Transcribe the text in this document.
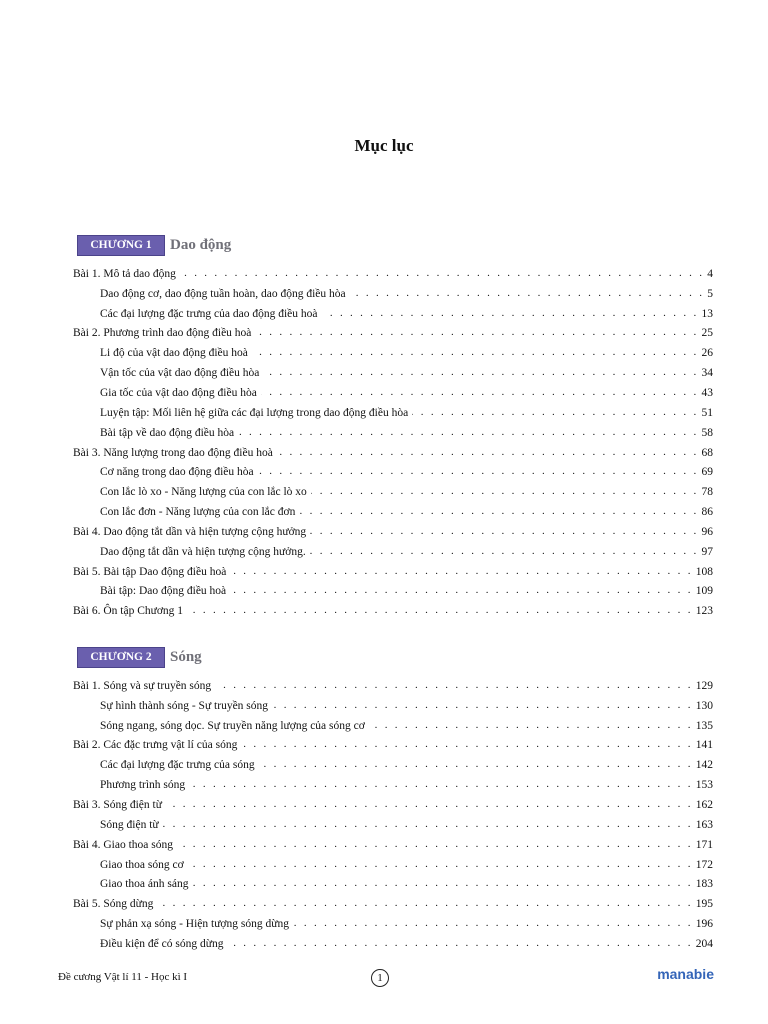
Mục lục
CHƯƠNG 1	Dao động
Bài 1. Mô tả dao động . . .	4
Dao động cơ, dao động tuần hoàn, dao động điều hòa . . .	5
Các đại lượng đặc trưng của dao động điều hoà . . .	13
Bài 2. Phương trình dao động điều hoà . . .	25
Li độ của vật dao động điều hoà . . .	26
Vận tốc của vật dao động điều hòa . . .	34
Gia tốc của vật dao động điều hòa . . .	43
Luyện tập: Mối liên hệ giữa các đại lượng trong dao động điều hòa . . .	51
Bài tập về dao động điều hòa . . .	58
Bài 3. Năng lượng trong dao động điều hoà . . .	68
Cơ năng trong dao động điều hòa . . .	69
Con lắc lò xo - Năng lượng của con lắc lò xo . . .	78
Con lắc đơn - Năng lượng của con lắc đơn . . .	86
Bài 4. Dao động tắt dần và hiện tượng cộng hưởng . . .	96
Dao động tắt dần và hiện tượng cộng hưởng. . . .	97
Bài 5. Bài tập Dao động điều hoà . . .	108
Bài tập: Dao động điều hoà . . .	109
Bài 6. Ôn tập Chương 1 . . .	123
CHƯƠNG 2	Sóng
Bài 1. Sóng và sự truyền sóng . . .	129
Sự hình thành sóng - Sự truyền sóng . . .	130
Sóng ngang, sóng dọc. Sự truyền năng lượng của sóng cơ . . .	135
Bài 2. Các đặc trưng vật lí của sóng . . .	141
Các đại lượng đặc trưng của sóng . . .	142
Phương trình sóng . . .	153
Bài 3. Sóng điện từ . . .	162
Sóng điện từ . . .	163
Bài 4. Giao thoa sóng . . .	171
Giao thoa sóng cơ . . .	172
Giao thoa ánh sáng . . .	183
Bài 5. Sóng dừng . . .	195
Sự phản xạ sóng - Hiện tượng sóng dừng . . .	196
Điều kiện để có sóng dừng . . .	204
Đề cương Vật lí 11 - Học kì I	1	manabie
